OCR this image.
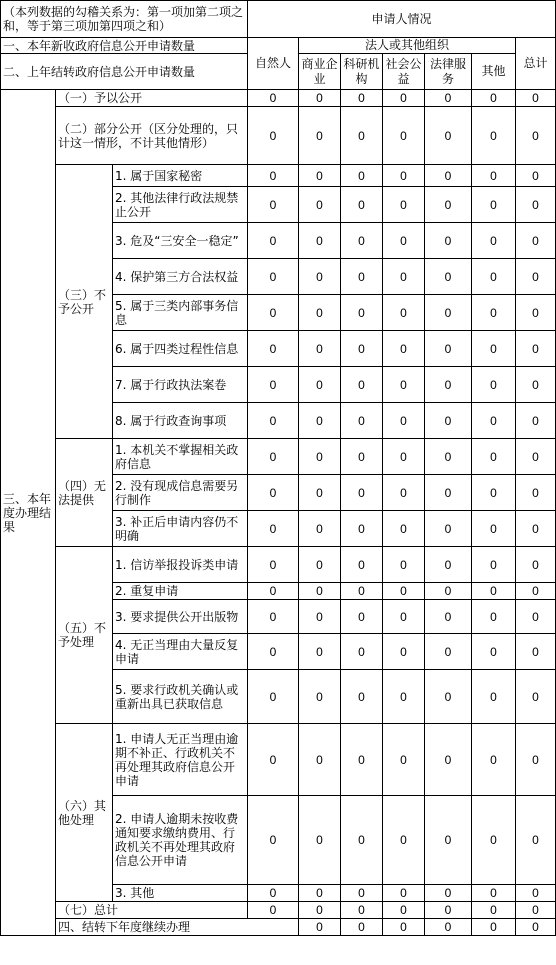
（本列数据的勾稽关系为：第一项加第二项之和，等于第三项加第四项之和）			申请人情况							
一、本年新收政府信息公开申请数量			自然人	法人或其他组织					总计	
二、上年结转政府信息公开申请数量				商业企业	科研机构	社会公益	法律服务	其他		

三、本年度办理结果	（一）予以公开		0	0	0	0	0	0	0	
	（二）部分公开（区分处理的，只计这一情形，不计其他情形）		0	0	0	0	0	0	0	
	（三）不予公开	1. 属于国家秘密	0	0	0	0	0	0	0	
		2. 其他法律行政法规禁止公开	0	0	0	0	0	0	0	
		3. 危及“三安全一稳定”	0	0	0	0	0	0	0	
		4. 保护第三方合法权益	0	0	0	0	0	0	0	
		5. 属于三类内部事务信息	0	0	0	0	0	0	0	
		6. 属于四类过程性信息	0	0	0	0	0	0	0	
		7. 属于行政执法案卷	0	0	0	0	0	0	0	
		8. 属于行政查询事项	0	0	0	0	0	0	0	
	（四）无法提供	1. 本机关不掌握相关政府信息	0	0	0	0	0	0	0	
		2. 没有现成信息需要另行制作	0	0	0	0	0	0	0	
		3. 补正后申请内容仍不明确	0	0	0	0	0	0	0	
	（五）不予处理	1. 信访举报投诉类申请	0	0	0	0	0	0	0	
		2. 重复申请	0	0	0	0	0	0	0	
		3. 要求提供公开出版物	0	0	0	0	0	0	0	
		4. 无正当理由大量反复申请	0	0	0	0	0	0	0	
		5. 要求行政机关确认或重新出具已获取信息	0	0	0	0	0	0	0	
	（六）其他处理	1. 申请人无正当理由逾期不补正、行政机关不再处理其政府信息公开申请	0	0	0	0	0	0	0	
		2. 申请人逾期未按收费通知要求缴纳费用、行政机关不再处理其政府信息公开申请	0	0	0	0	0	0	0	
		3. 其他	0	0	0	0	0	0	0	
	（七）总计		0	0	0	0	0	0	0	
	四、结转下年度继续办理			0	0	0	0	0	0	
